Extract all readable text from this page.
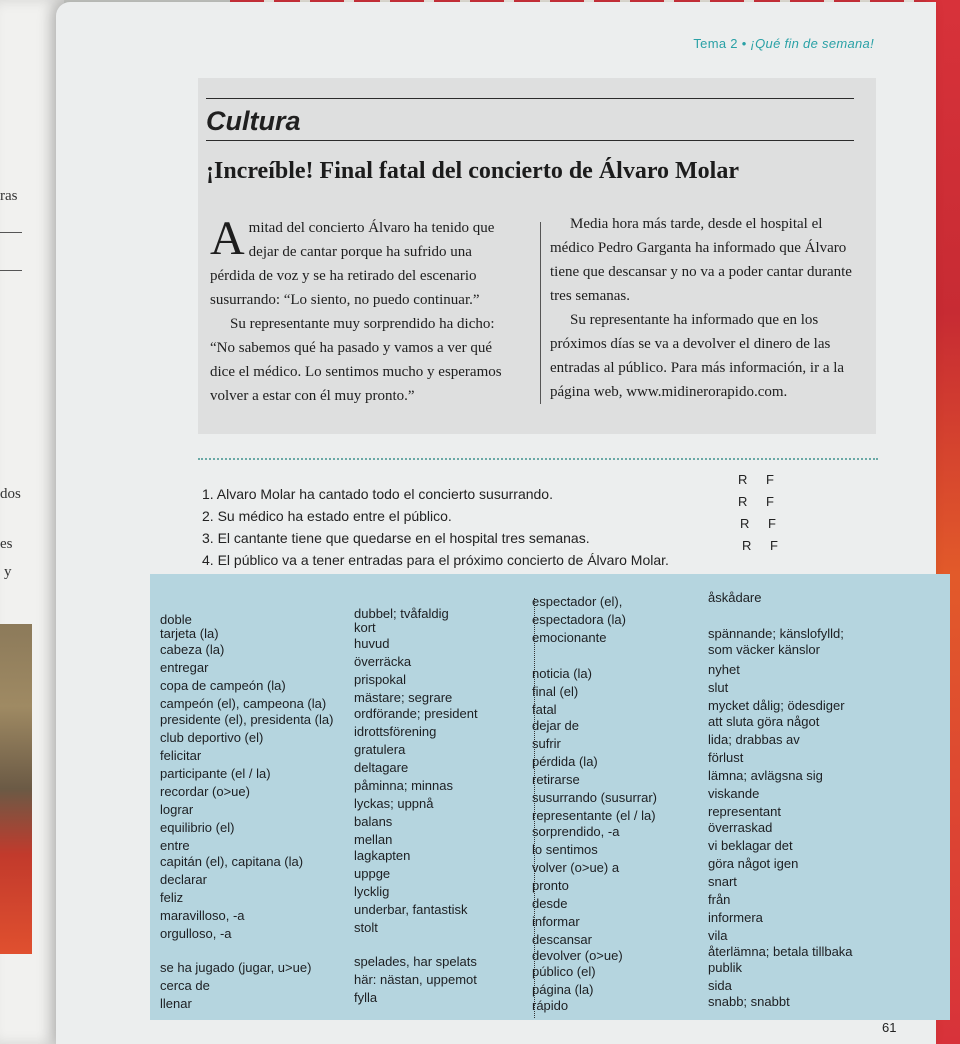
ras
dos
es
y
Tema 2 • ¡Qué fin de semana!
Cultura
¡Increíble! Final fatal del concierto de Álvaro Molar

Amitad del concierto Álvaro ha tenido que dejar de cantar porque ha sufrido una pérdida de voz y se ha retirado del escenario susurrando: “Lo siento, no puedo continuar.”

Su representante muy sorprendido ha dicho: “No sabemos qué ha pasado y vamos a ver qué dice el médico. Lo sentimos mucho y esperamos volver a estar con él muy pronto.”

Media hora más tarde, desde el hospital el médico Pedro Garganta ha informado que Álvaro tiene que descansar y no va a poder cantar durante tres semanas.

Su representante ha informado que en los próximos días se va a devolver el dinero de las entradas al público. Para más información, ir a la página web, www.midinerorapido.com.

1. Alvaro Molar ha cantado todo el concierto susurrando.
2. Su médico ha estado entre el público.
3. El cantante tiene que quedarse en el hospital tres semanas.
4. El público va a tener entradas para el próximo concierto de Álvaro Molar.
R F
R F
R F
R F
doble	dubbel; tvåfaldig
tarjeta (la)	kort
cabeza (la)	huvud
entregar	överräcka
copa de campeón (la)	prispokal
campeón (el), campeona (la) mästare; segrare
presidente (el), presidenta (la) ordförande; president
club deportivo (el)	idrottsförening
felicitar	gratulera
participante (el / la)	deltagare
recordar (o>ue)	påminna; minnas
lograr	lyckas; uppnå
equilibrio (el)	balans
entre	mellan
capitán (el), capitana (la)	lagkapten
declarar	uppge
feliz	lycklig
maravilloso, -a	underbar, fantastisk
orgulloso, -a	stolt
se ha jugado (jugar, u>ue)	spelades, har spelats
cerca de	här: nästan, uppemot
llenar	fylla
espectador (el),	åskådare
espectadora (la)
emocionante	spännande; känslofylld;
som väcker känslor
noticia (la)	nyhet
final (el)	slut
fatal	mycket dålig; ödesdiger
dejar de	att sluta göra något
sufrir	lida; drabbas av
pérdida (la)	förlust
retirarse	lämna; avlägsna sig
susurrando (susurrar)	viskande
representante (el / la)	representant
sorprendido, -a	överraskad
lo sentimos	vi beklagar det
volver (o>ue) a	göra något igen
pronto	snart
desde	från
informar	informera
descansar	vila
devolver (o>ue)	återlämna; betala tillbaka
público (el)	publik
página (la)	sida
rápido	snabb; snabbt
61
